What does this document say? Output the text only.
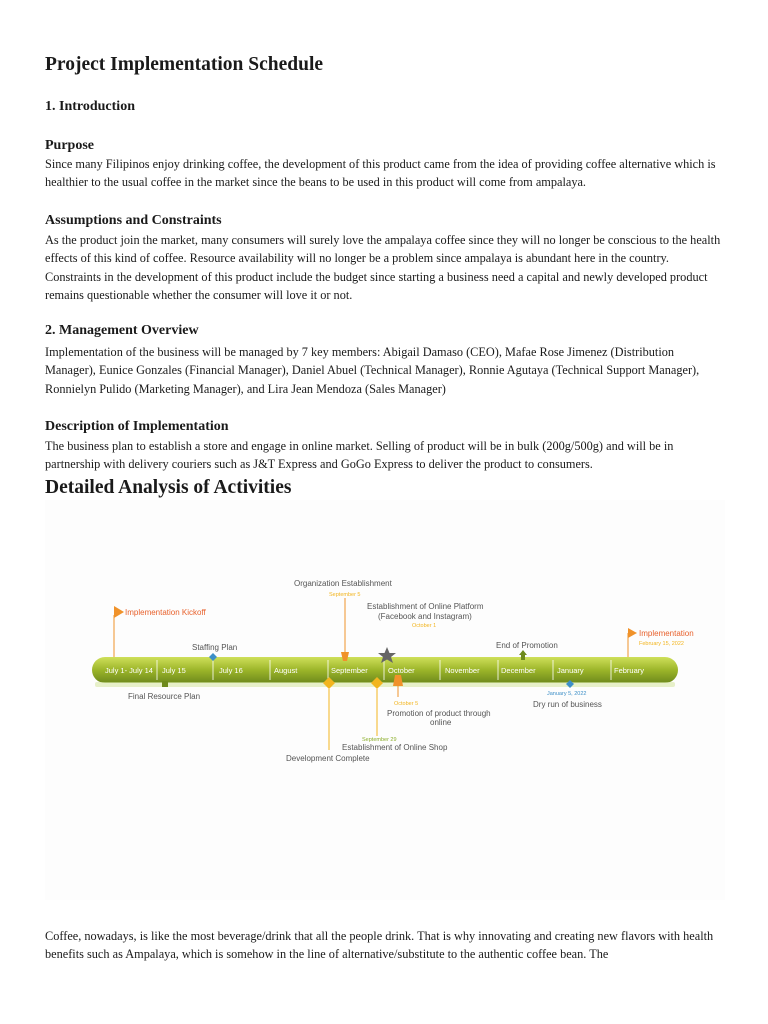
Project Implementation Schedule
1. Introduction
Purpose

Since many Filipinos enjoy drinking coffee, the development of this product came from the idea of providing coffee alternative which is healthier to the usual coffee in the market since the beans to be used in this product will come from ampalaya.

Assumptions and Constraints

As the product join the market, many consumers will surely love the ampalaya coffee since they will no longer be conscious to the health effects of this kind of coffee. Resource availability will no longer be a problem since ampalaya is abundant here in the country. Constraints in the development of this product include the budget since starting a business need a capital and newly developed product remains questionable whether the consumer will love it or not.

2. Management Overview

Implementation of the business will be managed by 7 key members: Abigail Damaso (CEO), Mafae Rose Jimenez (Distribution Manager), Eunice Gonzales (Financial Manager), Daniel Abuel (Technical Manager), Ronnie Agutaya (Technical Support Manager), Ronnielyn Pulido (Marketing Manager), and Lira Jean Mendoza (Sales Manager)

Description of Implementation

The business plan to establish a store and engage in online market. Selling of product will be in bulk (200g/500g) and will be in partnership with delivery couriers such as J&T Express and GoGo Express to deliver the product to consumers.

Detailed Analysis of Activities

Coffee, nowadays, is like the most beverage/drink that all the people drink. That is why innovating and creating new flavors with health benefits such as Ampalaya, which is somehow in the line of alternative/substitute to the authentic coffee bean. The

July 1- July 14 July 15	July 16	August	September	October	November	December	January	February
Implementation Kickoff
Staffing Plan
Final Resource Plan
Organization Establishment
September 5
Establishment of Online Platform
(Facebook and Instagram)
October 1
End of Promotion
Implementation
February 15, 2022
Development Complete
September 29
Establishment of Online Shop
October 5
Promotion of product through
online
January 5, 2022
Dry run of business
